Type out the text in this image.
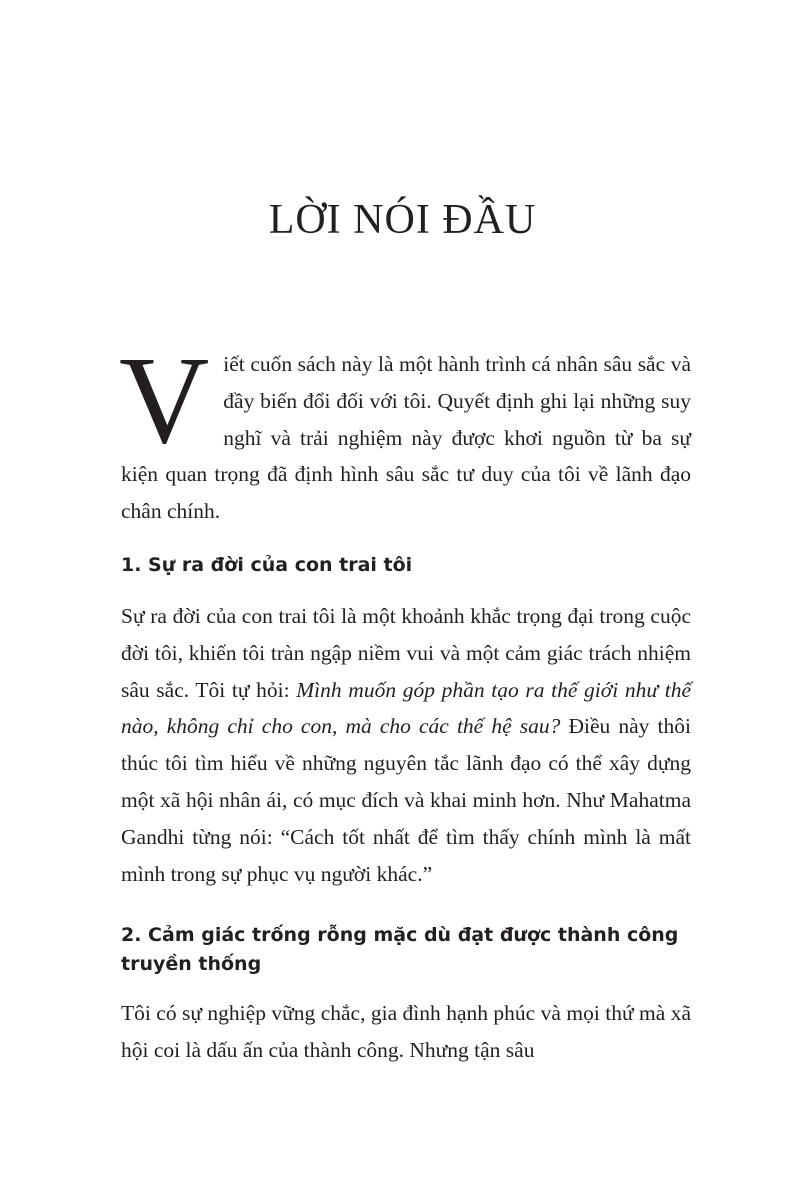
LỜI NÓI ĐẦU

Viết cuốn sách này là một hành trình cá nhân sâu sắc và đầy biến đổi đối với tôi. Quyết định ghi lại những suy nghĩ và trải nghiệm này được khơi nguồn từ ba sự kiện quan trọng đã định hình sâu sắc tư duy của tôi về lãnh đạo chân chính.

1. Sự ra đời của con trai tôi

Sự ra đời của con trai tôi là một khoảnh khắc trọng đại trong cuộc đời tôi, khiến tôi tràn ngập niềm vui và một cảm giác trách nhiệm sâu sắc. Tôi tự hỏi: Mình muốn góp phần tạo ra thế giới như thế nào, không chỉ cho con, mà cho các thế hệ sau? Điều này thôi thúc tôi tìm hiểu về những nguyên tắc lãnh đạo có thể xây dựng một xã hội nhân ái, có mục đích và khai minh hơn. Như Mahatma Gandhi từng nói: “Cách tốt nhất để tìm thấy chính mình là mất mình trong sự phục vụ người khác.”

2. Cảm giác trống rỗng mặc dù đạt được thành công truyền thống

Tôi có sự nghiệp vững chắc, gia đình hạnh phúc và mọi thứ mà xã hội coi là dấu ấn của thành công. Nhưng tận sâu
